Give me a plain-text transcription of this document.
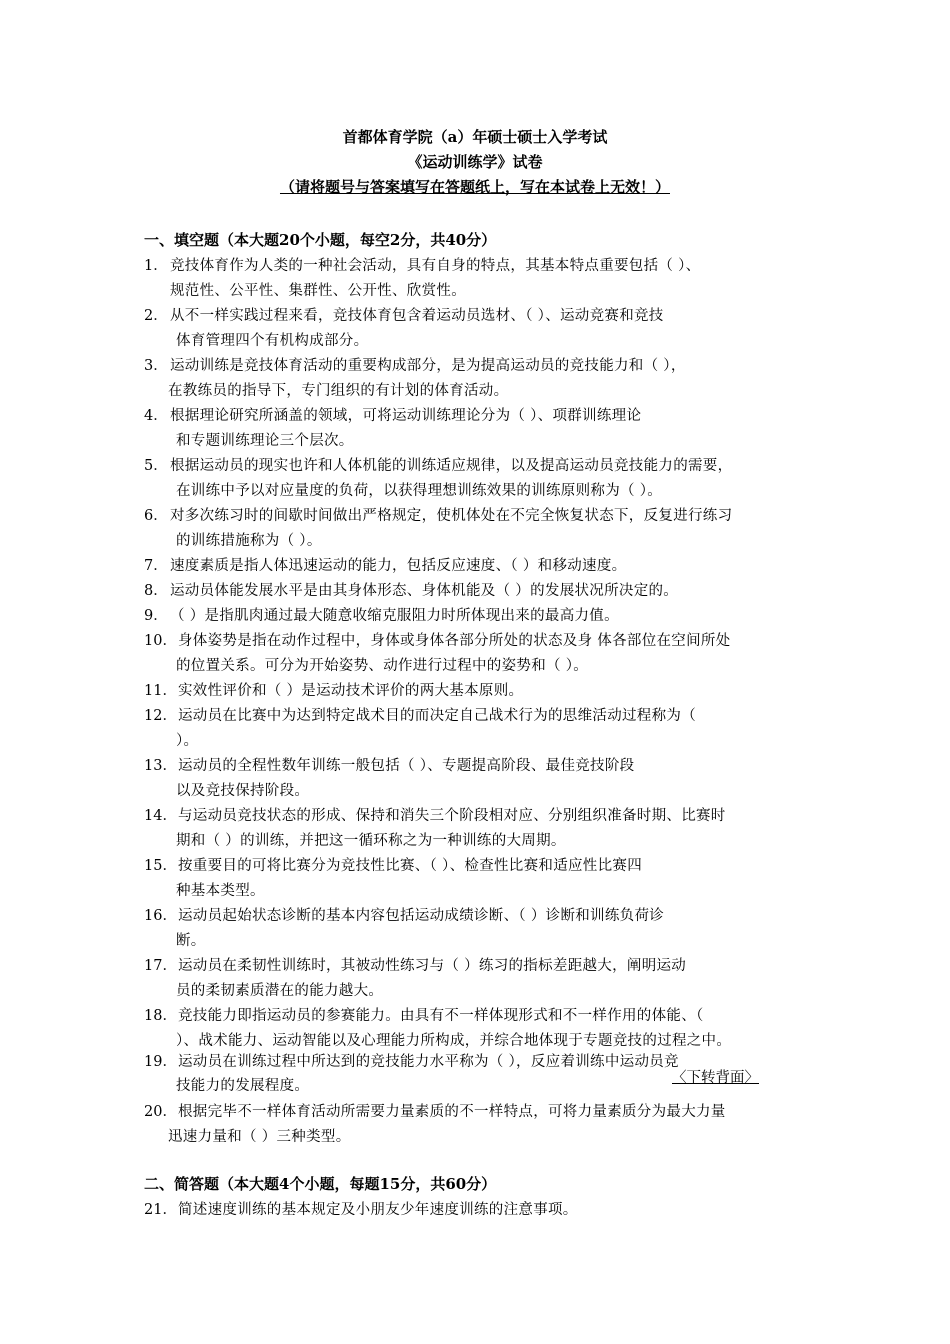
首都体育学院（a）年硕士硕士入学考试
《运动训练学》试卷
（请将题号与答案填写在答题纸上，写在本试卷上无效！）
一、填空题（本大题20个小题，每空2分，共40分）
1． 竞技体育作为人类的一种社会活动，具有自身的特点，其基本特点重要包括（ ）、
规范性、公平性、集群性、公开性、欣赏性。
2． 从不一样实践过程来看，竞技体育包含着运动员选材、（ ）、运动竞赛和竞技
体育管理四个有机构成部分。
3． 运动训练是竞技体育活动的重要构成部分，是为提高运动员的竞技能力和（ ），
在教练员的指导下，专门组织的有计划的体育活动。
4． 根据理论研究所涵盖的领域，可将运动训练理论分为（ ）、项群训练理论
和专题训练理论三个层次。
5． 根据运动员的现实也许和人体机能的训练适应规律，以及提高运动员竞技能力的需要，
在训练中予以对应量度的负荷，以获得理想训练效果的训练原则称为（ ）。
6． 对多次练习时的间歇时间做出严格规定，使机体处在不完全恢复状态下，反复进行练习
的训练措施称为（ ）。
7． 速度素质是指人体迅速运动的能力，包括反应速度、（ ）和移动速度。
8． 运动员体能发展水平是由其身体形态、身体机能及（ ）的发展状况所决定的。
9． （ ）是指肌肉通过最大随意收缩克服阻力时所体现出来的最高力值。
10． 身体姿势是指在动作过程中，身体或身体各部分所处的状态及身 体各部位在空间所处
的位置关系。可分为开始姿势、动作进行过程中的姿势和（ ）。
11． 实效性评价和（ ）是运动技术评价的两大基本原则。
12． 运动员在比赛中为达到特定战术目的而决定自己战术行为的思维活动过程称为（
）。
13． 运动员的全程性数年训练一般包括（ ）、专题提高阶段、最佳竞技阶段
以及竞技保持阶段。
14． 与运动员竞技状态的形成、保持和消失三个阶段相对应、分别组织准备时期、比赛时
期和（ ）的训练，并把这一循环称之为一种训练的大周期。
15． 按重要目的可将比赛分为竞技性比赛、（ ）、检查性比赛和适应性比赛四
种基本类型。
16． 运动员起始状态诊断的基本内容包括运动成绩诊断、（ ）诊断和训练负荷诊
断。
17． 运动员在柔韧性训练时，其被动性练习与（ ）练习的指标差距越大，阐明运动
员的柔韧素质潜在的能力越大。
18． 竞技能力即指运动员的参赛能力。由具有不一样体现形式和不一样作用的体能、（
）、战术能力、运动智能以及心理能力所构成，并综合地体现于专题竞技的过程之中。
19． 运动员在训练过程中所达到的竞技能力水平称为（ ），反应着训练中运动员竞
技能力的发展程度。
20． 根据完毕不一样体育活动所需要力量素质的不一样特点，可将力量素质分为最大力量
迅速力量和（ ）三种类型。
〈下转背面〉
二、简答题（本大题4个小题，每题15分，共60分）
21． 简述速度训练的基本规定及小朋友少年速度训练的注意事项。
